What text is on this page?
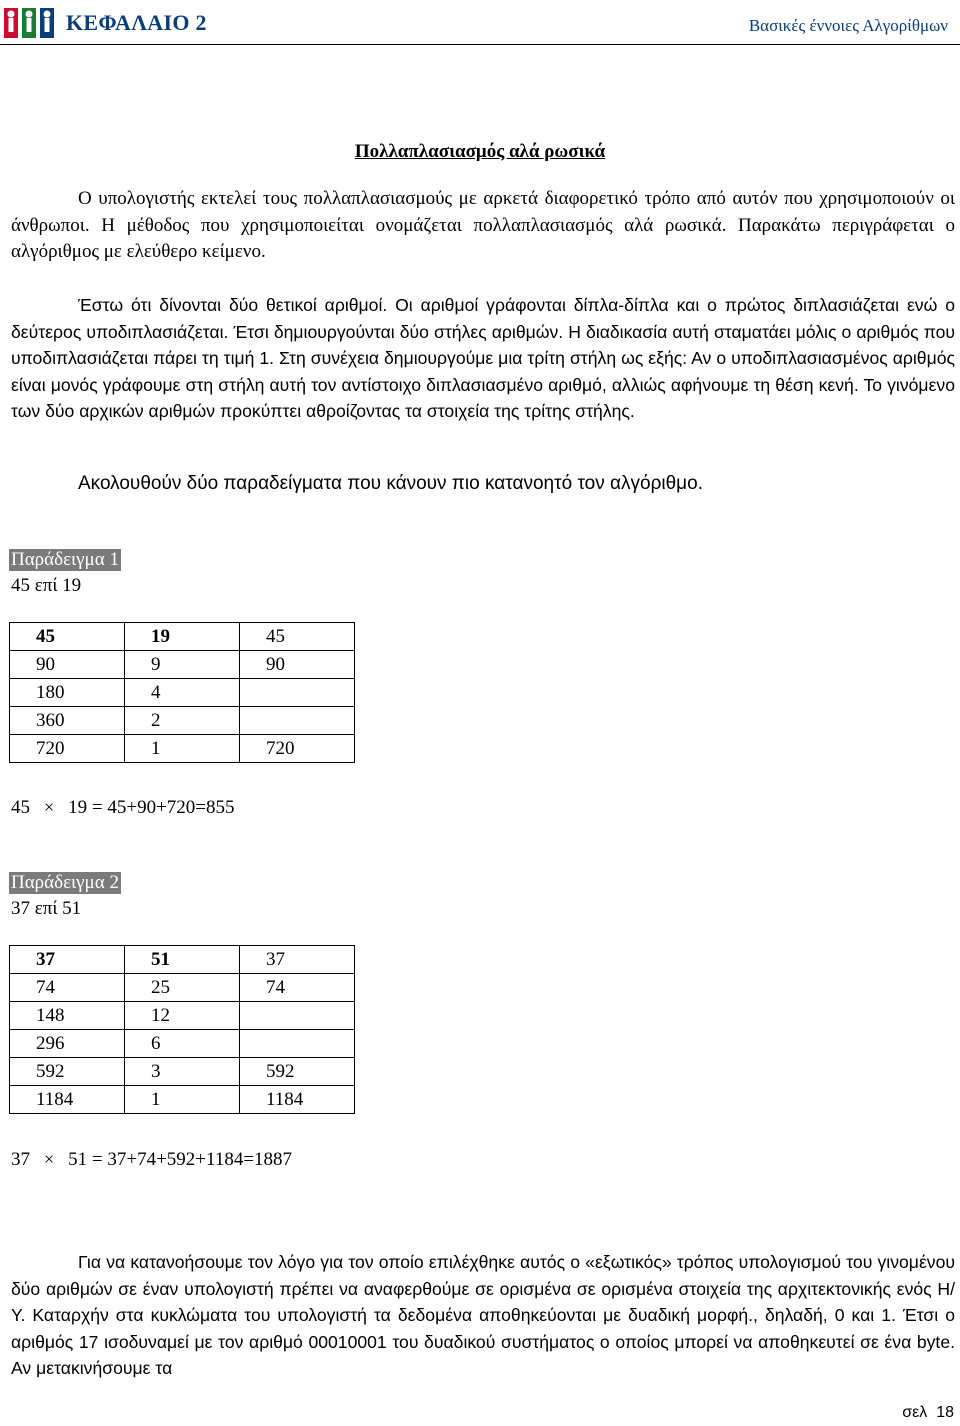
ΚΕΦΑΛΑΙΟ 2	Βασικές έννοιες Αλγορίθμων
Πολλαπλασιασμός αλά ρωσικά

Ο υπολογιστής εκτελεί τους πολλαπλασιασμούς με αρκετά διαφορετικό τρόπο από αυτόν που χρησιμοποιούν οι άνθρωποι. Η μέθοδος που χρησιμοποιείται ονομάζεται πολλαπλασιασμός αλά ρωσικά. Παρακάτω περιγράφεται ο αλγόριθμος με ελεύθερο κείμενο.

Έστω ότι δίνονται δύο θετικοί αριθμοί. Οι αριθμοί γράφονται δίπλα-δίπλα και ο πρώτος διπλασιάζεται ενώ ο δεύτερος υποδιπλασιάζεται. Έτσι δημιουργούνται δύο στήλες αριθμών. Η διαδικασία αυτή σταματάει μόλις ο αριθμός που υποδιπλασιάζεται πάρει τη τιμή 1. Στη συνέχεια δημιουργούμε μια τρίτη στήλη ως εξής: Αν ο υποδιπλασιασμένος αριθμός είναι μονός γράφουμε στη στήλη αυτή τον αντίστοιχο διπλασιασμένο αριθμό, αλλιώς αφήνουμε τη θέση κενή. Το γινόμενο των δύο αρχικών αριθμών προκύπτει αθροίζοντας τα στοιχεία της τρίτης στήλης.

Ακολουθούν δύο παραδείγματα που κάνουν πιο κατανοητό τον αλγόριθμο.
Παράδειγμα 1
45 επί 19
45	19	45
90	9	90
180	4	
360	2	
720	1	720
45 × 19 = 45+90+720=855
Παράδειγμα 2
37 επί 51
37	51	37
74	25	74
148	12	
296	6	
592	3	592
1184	1	1184
37 × 51 = 37+74+592+1184=1887

Για να κατανοήσουμε τον λόγο για τον οποίο επιλέχθηκε αυτός ο «εξωτικός» τρόπος υπολογισμού του γινομένου δύο αριθμών σε έναν υπολογιστή πρέπει να αναφερθούμε σε ορισμένα σε ορισμένα στοιχεία της αρχιτεκτονικής ενός Η/Υ. Καταρχήν στα κυκλώματα του υπολογιστή τα δεδομένα αποθηκεύονται με δυαδική μορφή., δηλαδή, 0 και 1. Έτσι ο αριθμός 17 ισοδυναμεί με τον αριθμό 00010001 του δυαδικού συστήματος ο οποίος μπορεί να αποθηκευτεί σε ένα byte. Αν μετακινήσουμε τα

σελ 18
